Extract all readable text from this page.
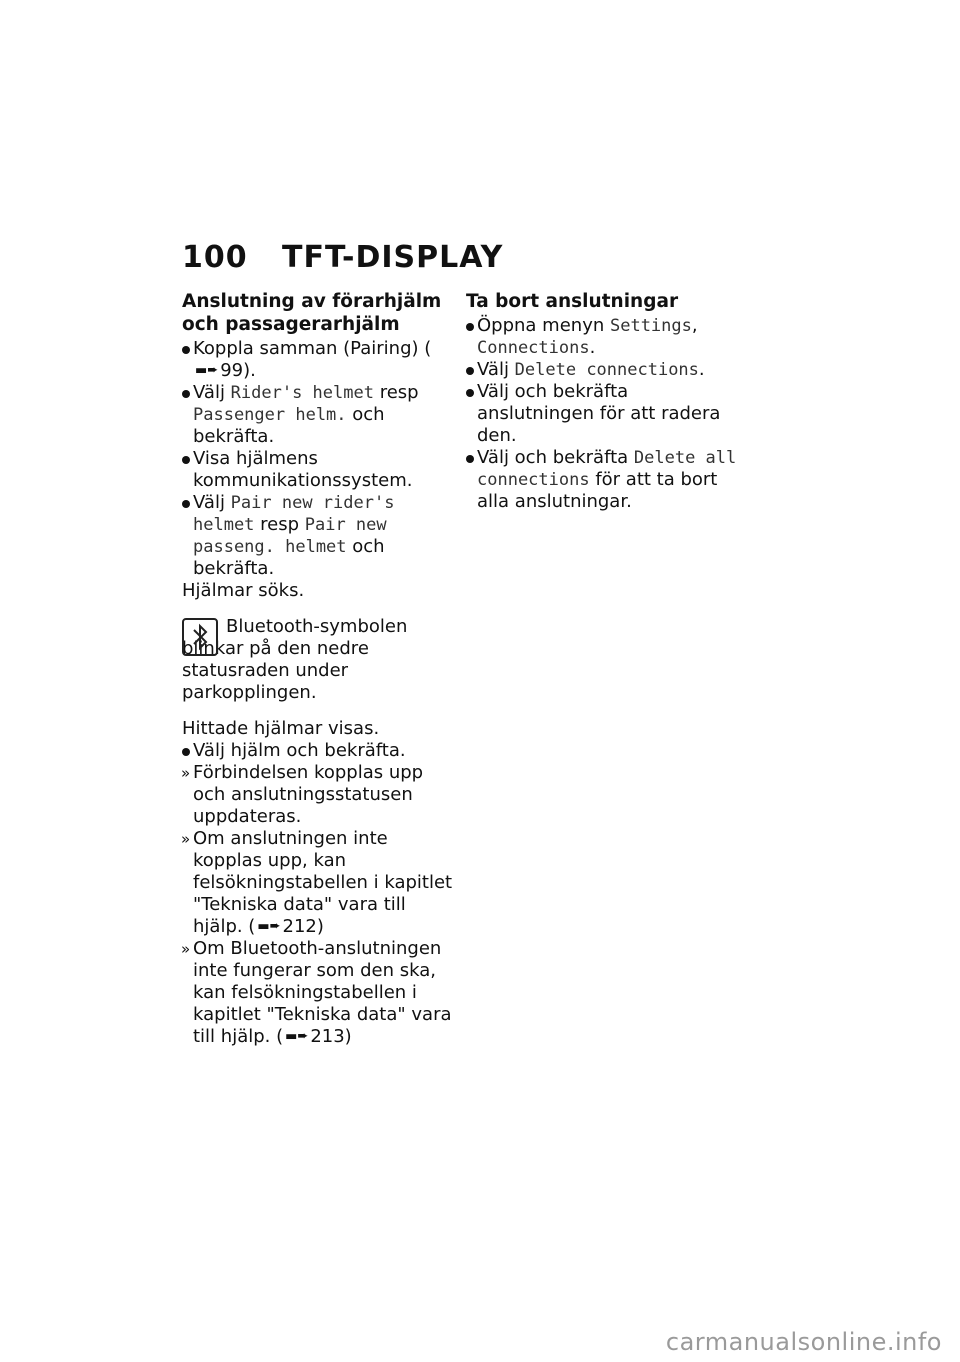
100 TFT-DISPLAY

Anslutning av förarhjälm och passagerarhjälm

Koppla samman (Pairing) (▬➨ 99).

Välj Rider's helmet resp Passenger helm. och bekräfta.

Visa hjälmens kommunikationssystem.

Välj Pair new rider's helmet resp Pair new passeng. helmet och bekräfta.

Hjälmar söks.

Bluetooth-symbolen blinkar på den nedre statusraden under parkopplingen.

Hittade hjälmar visas.

Välj hjälm och bekräfta.

» Förbindelsen kopplas upp och anslutningsstatusen uppdateras.

» Om anslutningen inte kopplas upp, kan felsökningstabellen i kapitlet "Tekniska data" vara till hjälp. ( ▬➨ 212)

» Om Bluetooth-anslutningen inte fungerar som den ska, kan felsökningstabellen i kapitlet "Tekniska data" vara till hjälp. ( ▬➨ 213)

Ta bort anslutningar

Öppna menyn Settings, Connections.

Välj Delete connections.

Välj och bekräfta anslutningen för att radera den.

Välj och bekräfta Delete all connections för att ta bort alla anslutningar.

carmanualsonline.info
